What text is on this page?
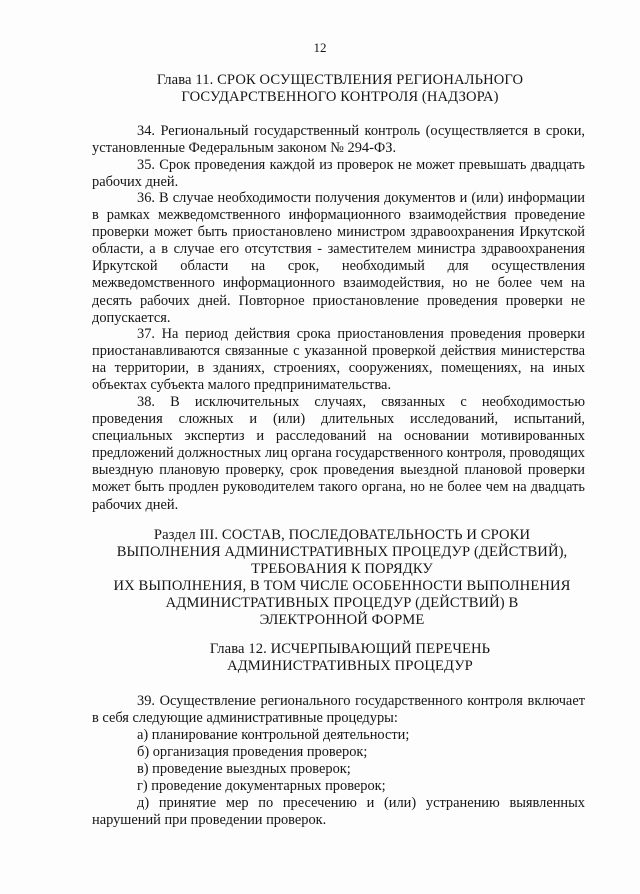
12
Глава 11. СРОК ОСУЩЕСТВЛЕНИЯ РЕГИОНАЛЬНОГО
ГОСУДАРСТВЕННОГО КОНТРОЛЯ (НАДЗОРА)

34. Региональный государственный контроль (осуществляется в сроки, установленные Федеральным законом № 294-ФЗ.

35. Срок проведения каждой из проверок не может превышать двадцать рабочих дней.

36. В случае необходимости получения документов и (или) информации в рамках межведомственного информационного взаимодействия проведение проверки может быть приостановлено министром здравоохранения Иркутской области, а в случае его отсутствия - заместителем министра здравоохранения Иркутской области на срок, необходимый для осуществления межведомственного информационного взаимодействия, но не более чем на десять рабочих дней. Повторное приостановление проведения проверки не допускается.

37. На период действия срока приостановления проведения проверки приостанавливаются связанные с указанной проверкой действия министерства на территории, в зданиях, строениях, сооружениях, помещениях, на иных объектах субъекта малого предпринимательства.

38. В исключительных случаях, связанных с необходимостью проведения сложных и (или) длительных исследований, испытаний, специальных экспертиз и расследований на основании мотивированных предложений должностных лиц органа государственного контроля, проводящих выездную плановую проверку, срок проведения выездной плановой проверки может быть продлен руководителем такого органа, но не более чем на двадцать рабочих дней.

Раздел III. СОСТАВ, ПОСЛЕДОВАТЕЛЬНОСТЬ И СРОКИ
ВЫПОЛНЕНИЯ АДМИНИСТРАТИВНЫХ ПРОЦЕДУР (ДЕЙСТВИЙ),
ТРЕБОВАНИЯ К ПОРЯДКУ
ИХ ВЫПОЛНЕНИЯ, В ТОМ ЧИСЛЕ ОСОБЕННОСТИ ВЫПОЛНЕНИЯ
АДМИНИСТРАТИВНЫХ ПРОЦЕДУР (ДЕЙСТВИЙ) В
ЭЛЕКТРОННОЙ ФОРМЕ
Глава 12. ИСЧЕРПЫВАЮЩИЙ ПЕРЕЧЕНЬ
АДМИНИСТРАТИВНЫХ ПРОЦЕДУР

39. Осуществление регионального государственного контроля включает в себя следующие административные процедуры:

а) планирование контрольной деятельности;
б) организация проведения проверок;
в) проведение выездных проверок;
г) проведение документарных проверок;
д) принятие мер по пресечению и (или) устранению выявленных нарушений при проведении проверок.
